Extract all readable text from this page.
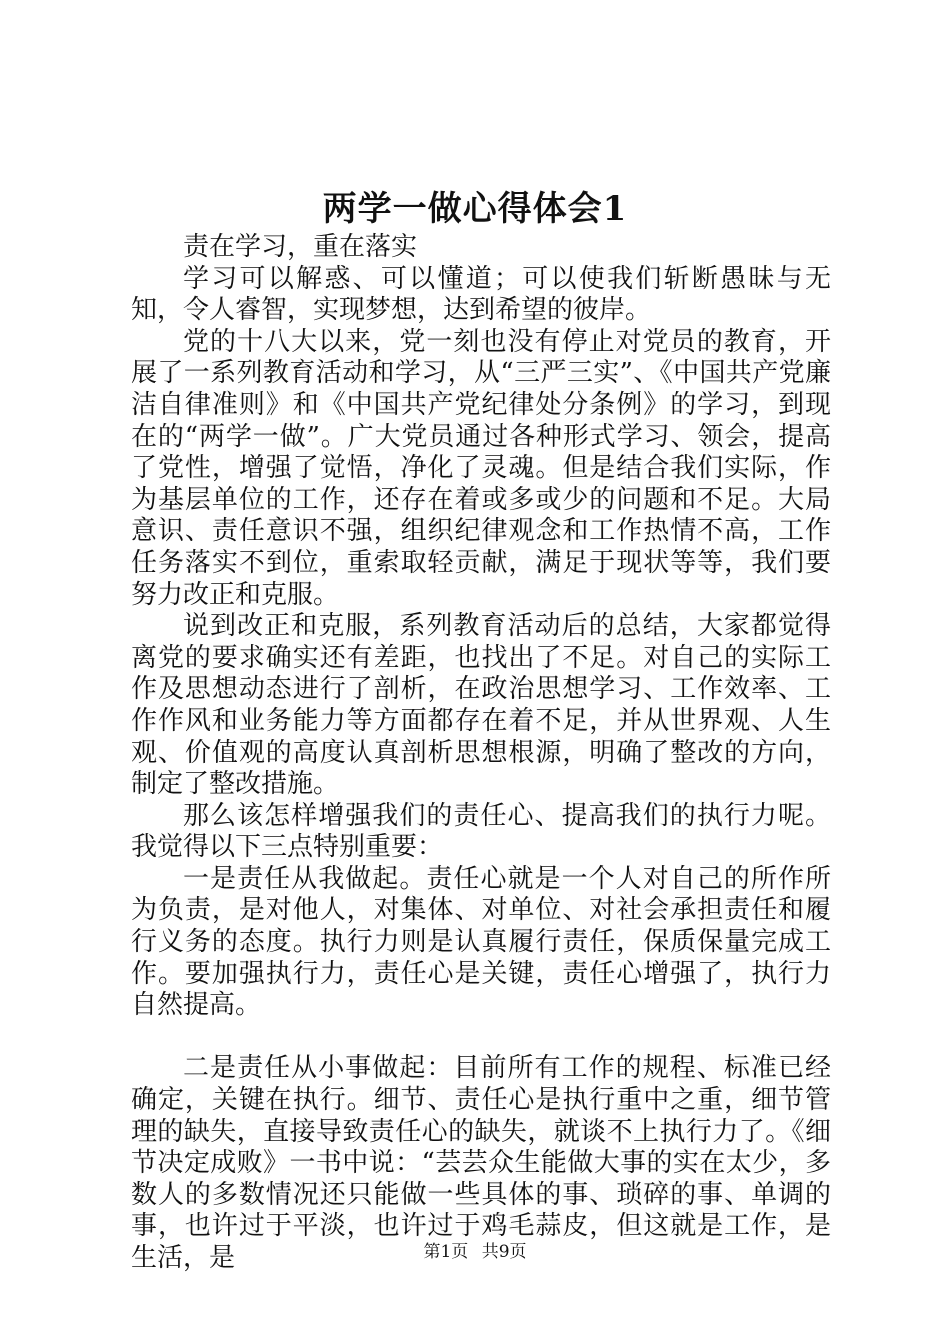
两学一做心得体会1

责在学习，重在落实

学习可以解惑、可以懂道；可以使我们斩断愚昧与无知，令人睿智，实现梦想，达到希望的彼岸。

党的十八大以来，党一刻也没有停止对党员的教育，开展了一系列教育活动和学习，从“三严三实”、《中国共产党廉洁自律准则》和《中国共产党纪律处分条例》的学习，到现在的“两学一做”。广大党员通过各种形式学习、领会，提高了党性，增强了觉悟，净化了灵魂。但是结合我们实际，作为基层单位的工作，还存在着或多或少的问题和不足。大局意识、责任意识不强，组织纪律观念和工作热情不高，工作任务落实不到位，重索取轻贡献，满足于现状等等，我们要努力改正和克服。

说到改正和克服，系列教育活动后的总结，大家都觉得离党的要求确实还有差距，也找出了不足。对自己的实际工作及思想动态进行了剖析，在政治思想学习、工作效率、工作作风和业务能力等方面都存在着不足，并从世界观、人生观、价值观的高度认真剖析思想根源，明确了整改的方向，制定了整改措施。

那么该怎样增强我们的责任心、提高我们的执行力呢。我觉得以下三点特别重要：

一是责任从我做起。责任心就是一个人对自己的所作所为负责，是对他人，对集体、对单位、对社会承担责任和履行义务的态度。执行力则是认真履行责任，保质保量完成工作。要加强执行力，责任心是关键，责任心增强了，执行力自然提高。

二是责任从小事做起：目前所有工作的规程、标准已经确定，关键在执行。细节、责任心是执行重中之重，细节管理的缺失，直接导致责任心的缺失，就谈不上执行力了。《细节决定成败》一书中说：“芸芸众生能做大事的实在太少，多数人的多数情况还只能做一些具体的事、琐碎的事、单调的事，也许过于平淡，也许过于鸡毛蒜皮，但这就是工作，是生活，是	第1页 共9页
